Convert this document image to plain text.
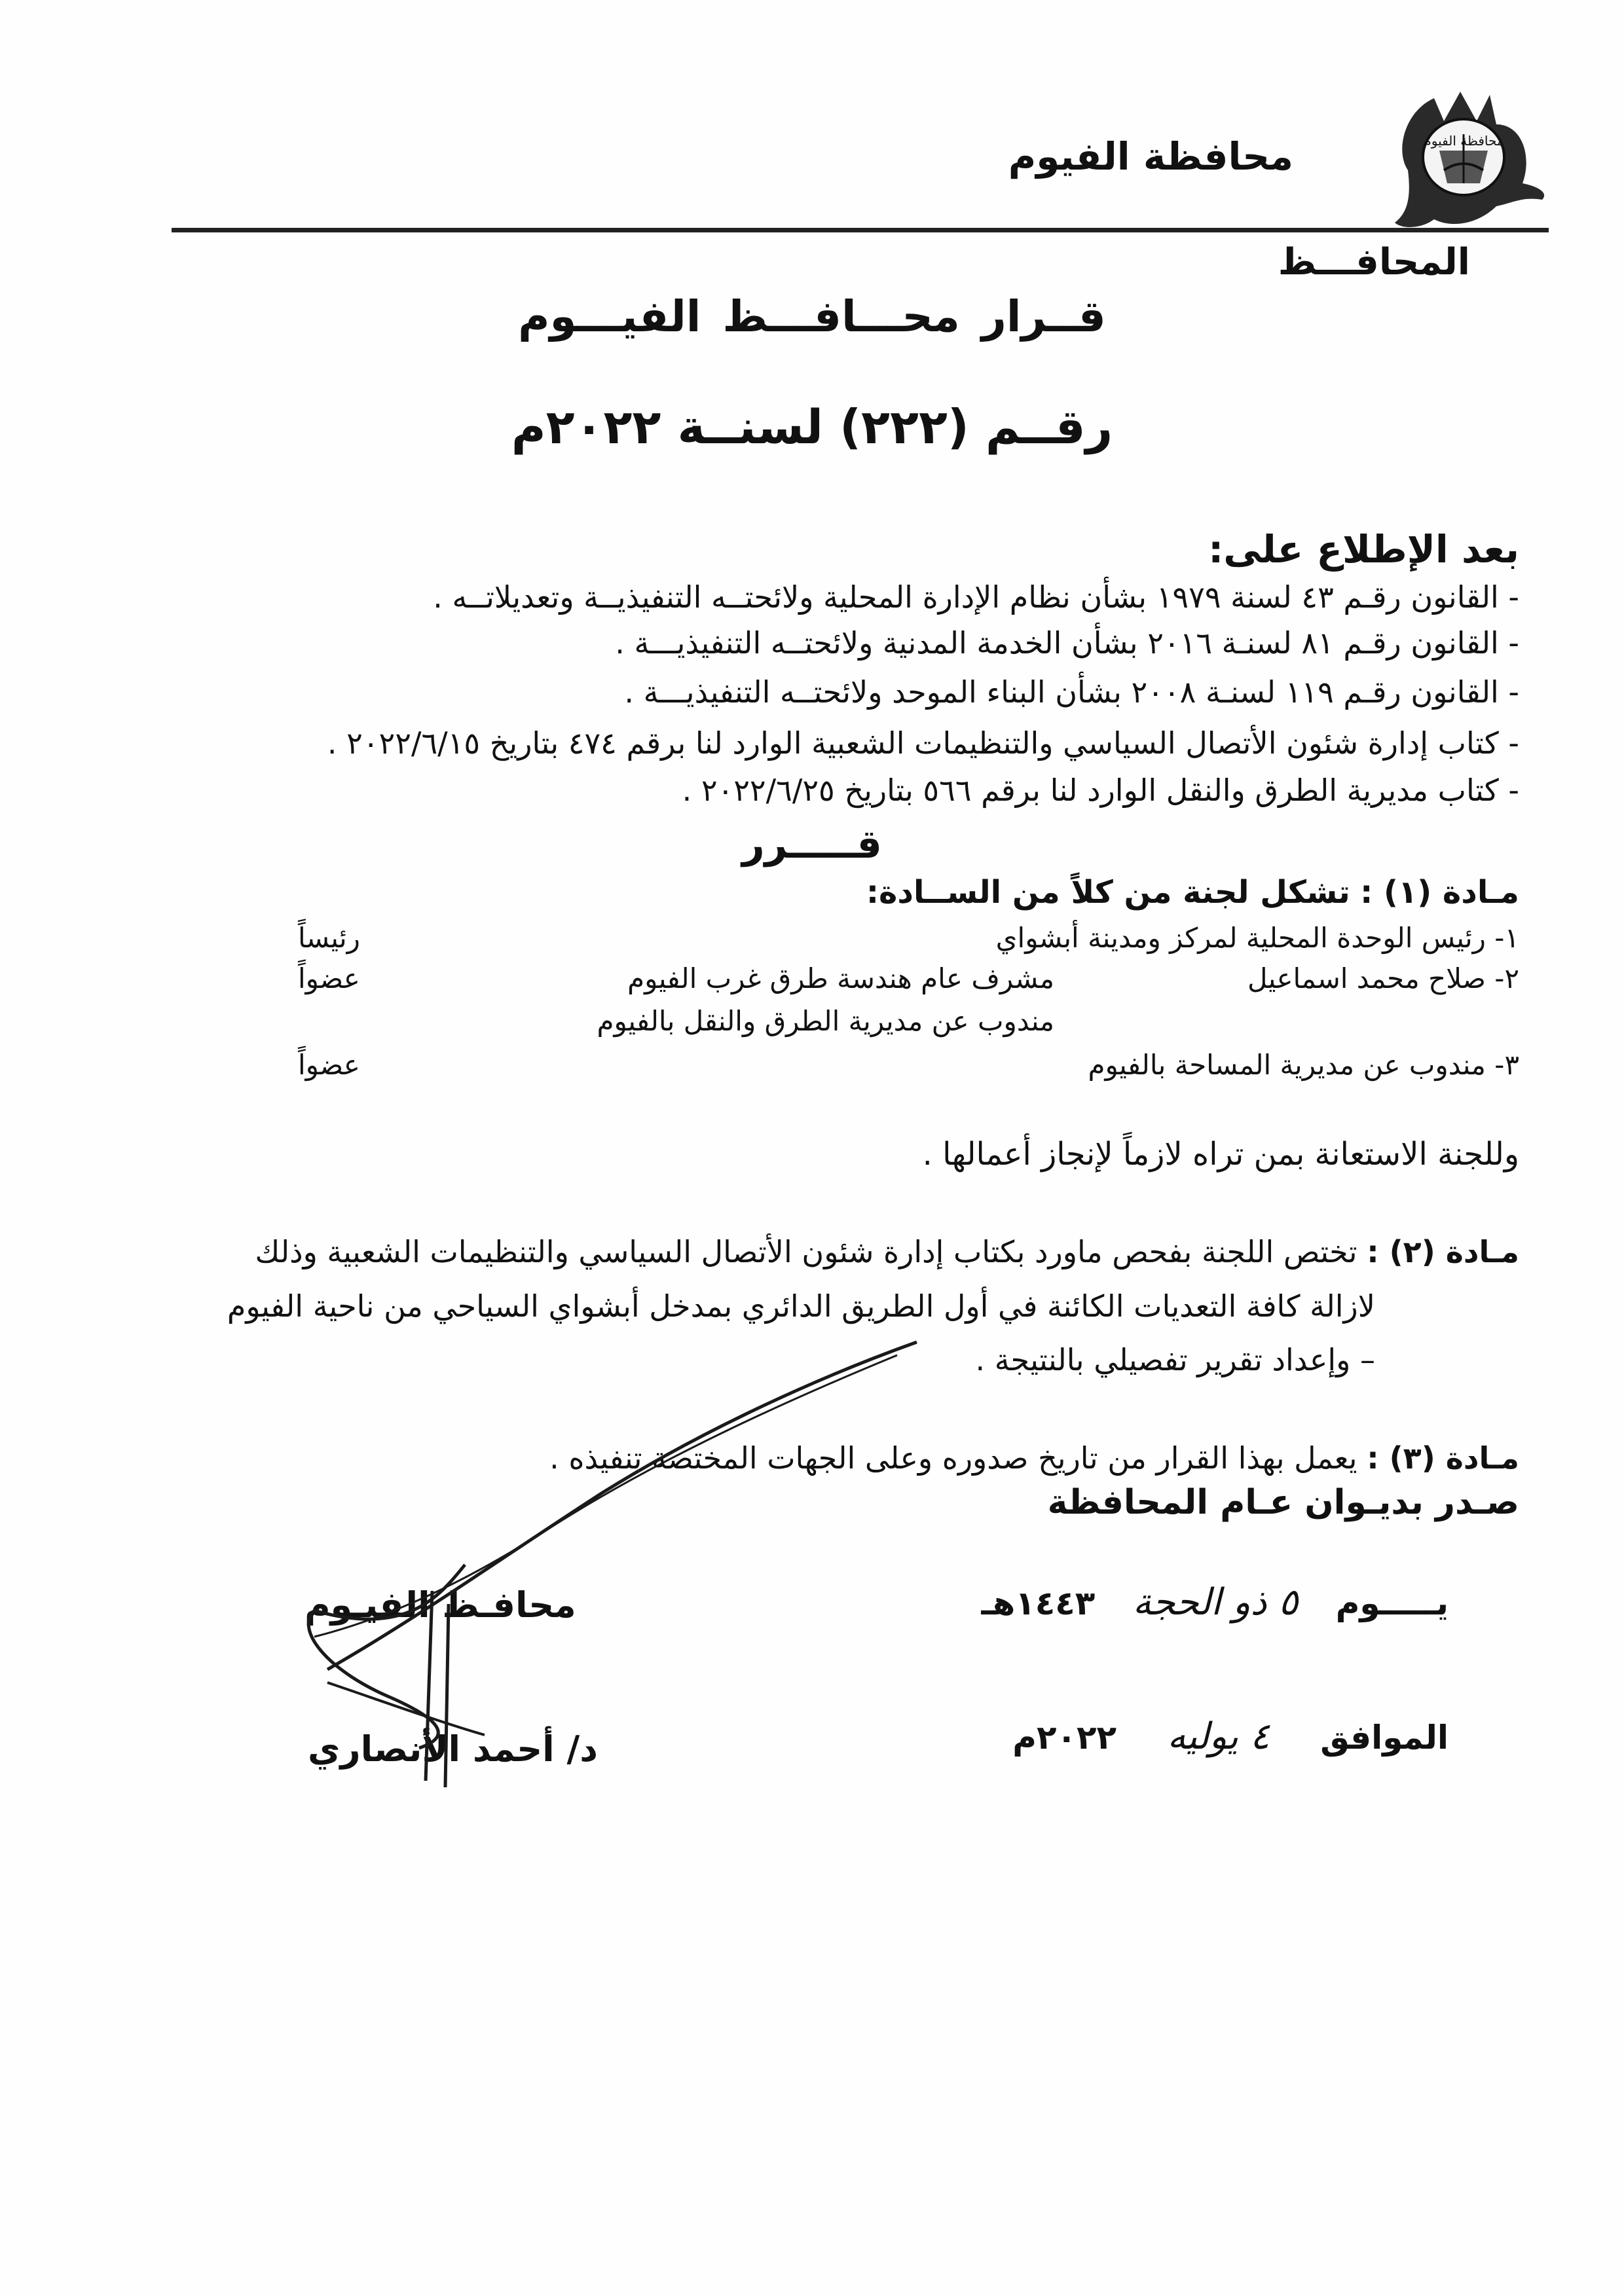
محافظة الفيوم
محافظة الفيوم
المحافـــظ
قــرار محـــافـــظ الفيـــوم
رقــم (٢٢٢) لسنــة ٢٠٢٢م
بعد الإطلاع على:
- القانون رقـم ٤٣ لسنة ١٩٧٩ بشأن نظام الإدارة المحلية ولائحتــه التنفيذيــة وتعديلاتــه .
- القانون رقـم ٨١ لسنـة ٢٠١٦ بشأن الخدمة المدنية ولائحتــه التنفيذيـــة .
- القانون رقـم ١١٩ لسنـة ٢٠٠٨ بشأن البناء الموحد ولائحتــه التنفيذيـــة .
- كتاب إدارة شئون الأتصال السياسي والتنظيمات الشعبية الوارد لنا برقم ٤٧٤ بتاريخ ٢٠٢٢/٦/١٥ .
- كتاب مديرية الطرق والنقل الوارد لنا برقم ٥٦٦ بتاريخ ٢٠٢٢/٦/٢٥ .
قـــــرر
مـادة (١) : تشكل لجنة من كلاً من الســادة:
١- رئيس الوحدة المحلية لمركز ومدينة أبشواي
رئيساً
٢- صلاح محمد اسماعيل
مشرف عام هندسة طرق غرب الفيوم
عضواً
مندوب عن مديرية الطرق والنقل بالفيوم
٣- مندوب عن مديرية المساحة بالفيوم
عضواً
وللجنة الاستعانة بمن تراه لازماً لإنجاز أعمالها .
مـادة (٢) : تختص اللجنة بفحص ماورد بكتاب إدارة شئون الأتصال السياسي والتنظيمات الشعبية وذلك
لازالة كافة التعديات الكائنة في أول الطريق الدائري بمدخل أبشواي السياحي من ناحية الفيوم
– وإعداد تقرير تفصيلي بالنتيجة .
مـادة (٣) : يعمل بهذا القرار من تاريخ صدوره وعلى الجهات المختصة تنفيذه .
صـدر بديـوان عـام المحافظة
يـــــوم ٥ ذو الحجة ١٤٤٣هـ
الموافق ٤ يوليه ٢٠٢٢م
محافـظ الفيـوم
د/ أحمد الأنصاري
